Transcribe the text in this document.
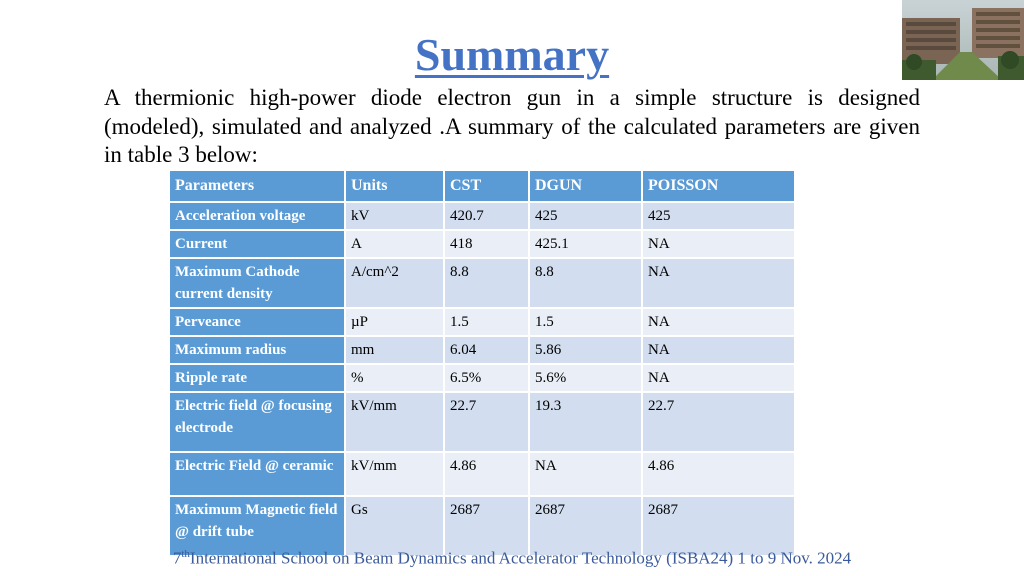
Summary
A thermionic high-power diode electron gun in a simple structure is designed (modeled), simulated and analyzed .A summary of the calculated parameters are given in table 3 below:
Parameters	Units	CST	DGUN	POISSON
Acceleration voltage	kV	420.7	425	425
Current	A	418	425.1	NA
Maximum Cathode current density	A/cm^2	8.8	8.8	NA
Perveance	µP	1.5	1.5	NA
Maximum radius	mm	6.04	5.86	NA
Ripple rate	%	6.5%	5.6%	NA
Electric field @ focusing electrode	kV/mm	22.7	19.3	22.7
Electric Field @ ceramic	kV/mm	4.86	NA	4.86
Maximum Magnetic field @ drift tube	Gs	2687	2687	2687
7thInternational School on Beam Dynamics and Accelerator Technology (ISBA24) 1 to 9 Nov. 2024
